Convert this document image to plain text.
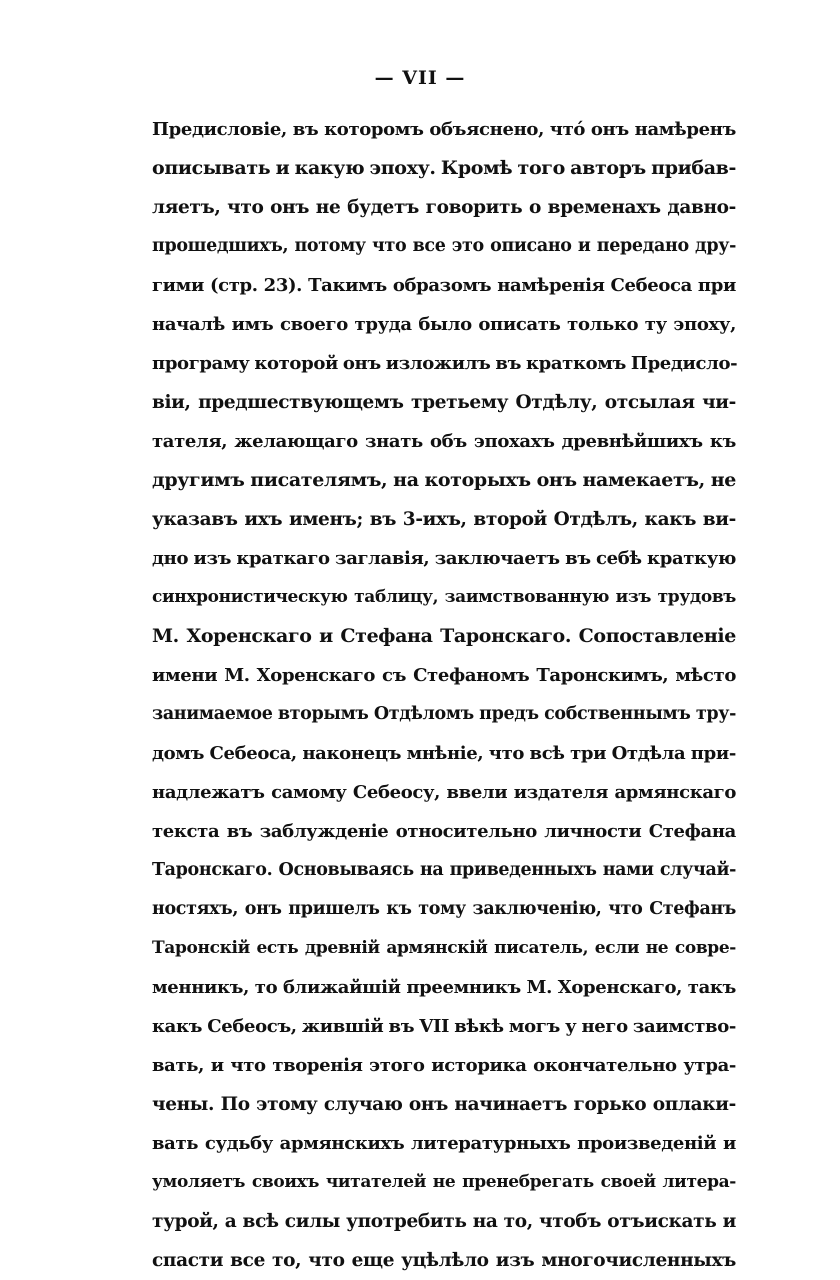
— VII —
Предисловіе, въ которомъ объяснено, чтó онъ намѣренъ
описывать и какую эпоху. Кромѣ того авторъ прибав-
ляетъ, что онъ не будетъ говорить о временахъ давно-
прошедшихъ, потому что все это описано и передано дру-
гими (стр. 23). Такимъ образомъ намѣренія Себеоса при
началѣ имъ своего труда было описать только ту эпоху,
програму которой онъ изложилъ въ краткомъ Предисло-
віи, предшествующемъ третьему Отдѣлу, отсылая чи-
тателя, желающаго знать объ эпохахъ древнѣйшихъ къ
другимъ писателямъ, на которыхъ онъ намекаетъ, не
указавъ ихъ именъ; въ 3-ихъ, второй Отдѣлъ, какъ ви-
дно изъ краткаго заглавія, заключаетъ въ себѣ краткую
синхронистическую таблицу, заимствованную изъ трудовъ
М. Хоренскаго и Стефана Таронскаго. Сопоставленіе
имени М. Хоренскаго съ Стефаномъ Таронскимъ, мѣсто
занимаемое вторымъ Отдѣломъ предъ собственнымъ тру-
домъ Себеоса, наконецъ мнѣніе, что всѣ три Отдѣла при-
надлежатъ самому Себеосу, ввели издателя армянскаго
текста въ заблужденіе относительно личности Стефана
Таронскаго. Основываясь на приведенныхъ нами случай-
ностяхъ, онъ пришелъ къ тому заключенію, что Стефанъ
Таронскій есть древній армянскій писатель, если не совре-
менникъ, то ближайшій преемникъ М. Хоренскаго, такъ
какъ Себеосъ, жившій въ VII вѣкѣ могъ у него заимство-
вать, и что творенія этого историка окончательно утра-
чены. По этому случаю онъ начинаетъ горько оплаки-
вать судьбу армянскихъ литературныхъ произведеній и
умоляетъ своихъ читателей не пренебрегать своей литера-
турой, а всѣ силы употребить на то, чтобъ отъискать и
спасти все то, что еще уцѣлѣло изъ многочисленныхъ
